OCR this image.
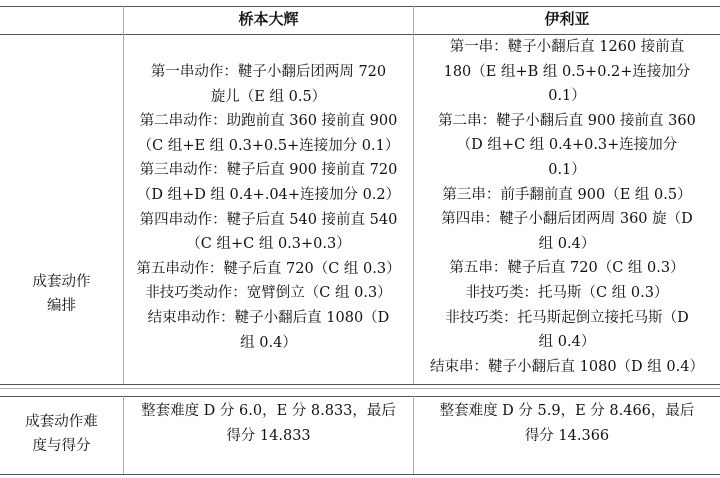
桥本大辉	伊利亚
成套动作
编排
第一串动作：鞬子小翻后团两周 720
旋儿（E 组 0.5）
第二串动作：助跑前直 360 接前直 900
（C 组+E 组 0.3+0.5+连接加分 0.1）
第三串动作：鞬子后直 900 接前直 720
（D 组+D 组 0.4+.04+连接加分 0.2）
第四串动作：鞬子后直 540 接前直 540
（C 组+C 组 0.3+0.3）
第五串动作：鞬子后直 720（C 组 0.3）
非技巧类动作：宽臂倒立（C 组 0.3）
结束串动作：鞬子小翻后直 1080（D
组 0.4）
第一串：鞬子小翻后直 1260 接前直
180（E 组+B 组 0.5+0.2+连接加分
0.1）
第二串：鞬子小翻后直 900 接前直 360
（D 组+C 组 0.4+0.3+连接加分
0.1）
第三串：前手翻前直 900（E 组 0.5）
第四串：鞬子小翻后团两周 360 旋（D
组 0.4）
第五串：鞬子后直 720（C 组 0.3）
非技巧类：托马斯（C 组 0.3）
非技巧类：托马斯起倒立接托马斯（D
组 0.4）
结束串：鞬子小翻后直 1080（D 组 0.4）
成套动作难
度与得分
整套难度 D 分 6.0，E 分 8.833，最后
得分 14.833
整套难度 D 分 5.9，E 分 8.466，最后
得分 14.366
